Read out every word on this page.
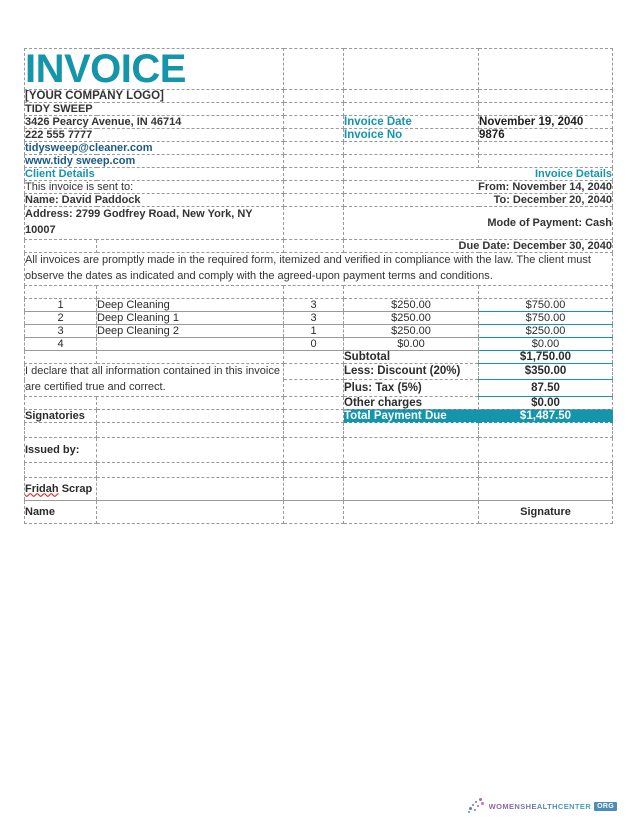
INVOICE				
[YOUR COMPANY LOGO]				
TIDY SWEEP				
3426 Pearcy Avenue, IN 46714			Invoice Date	November 19, 2040
222 555 7777			Invoice No	9876
tidysweep@cleaner.com				
www.tidy sweep.com				
Client Details			Invoice Details	
This invoice is sent to:			From: November 14, 2040	
Name: David Paddock			To: December 20, 2040	
Address: 2799 Godfrey Road, New York, NY 10007			Mode of Payment: Cash	
			Due Date: December 30, 2040	
All invoices are promptly made in the required form, itemized and verified in compliance with the law. The client must observe the dates as indicated and comply with the agreed-upon payment terms and conditions.				
Item#	Item Description	Quantity	Unit Price	Total Amount
1	Deep Cleaning	3	$250.00	$750.00
2	Deep Cleaning 1	3	$250.00	$750.00
3	Deep Cleaning 2	1	$250.00	$250.00
4		0	$0.00	$0.00
			Subtotal	$1,750.00
I declare that all information contained in this invoice are certified true and correct.			Less: Discount (20%)	$350.00
			Plus: Tax (5%)	87.50
			Other charges	$0.00
Signatories			Total Payment Due	$1,487.50

Issued by:				

Fridah Scrap				
Name				Signature
WOMENSHEALTHCENTER ORG
